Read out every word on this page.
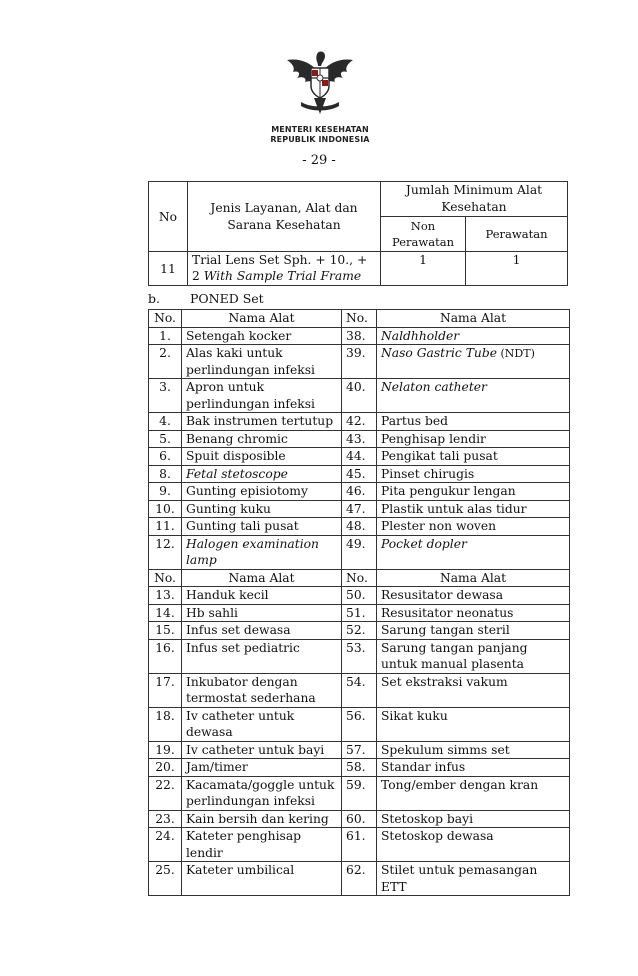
MENTERI KESEHATAN
REPUBLIK INDONESIA
- 29 -
No	Jenis Layanan, Alat dan Sarana Kesehatan	Jumlah Minimum Alat Kesehatan	
		Non Perawatan	Perawatan
11	Trial Lens Set Sph. + 10., + 2 With Sample Trial Frame	1	1
b. PONED Set
No.	Nama Alat	No.	Nama Alat
1.	Setengah kocker	38.	Naldhholder
2.	Alas kaki untuk perlindungan infeksi	39.	Naso Gastric Tube (NDT)
3.	Apron untuk perlindungan infeksi	40.	Nelaton catheter
4.	Bak instrumen tertutup	42.	Partus bed
5.	Benang chromic	43.	Penghisap lendir
6.	Spuit disposible	44.	Pengikat tali pusat
8.	Fetal stetoscope	45.	Pinset chirugis
9.	Gunting episiotomy	46.	Pita pengukur lengan
10.	Gunting kuku	47.	Plastik untuk alas tidur
11.	Gunting tali pusat	48.	Plester non woven
12.	Halogen examination lamp	49.	Pocket dopler
No.	Nama Alat	No.	Nama Alat
13.	Handuk kecil	50.	Resusitator dewasa
14.	Hb sahli	51.	Resusitator neonatus
15.	Infus set dewasa	52.	Sarung tangan steril
16.	Infus set pediatric	53.	Sarung tangan panjang untuk manual plasenta
17.	Inkubator dengan termostat sederhana	54.	Set ekstraksi vakum
18.	Iv catheter untuk dewasa	56.	Sikat kuku
19.	Iv catheter untuk bayi	57.	Spekulum simms set
20.	Jam/timer	58.	Standar infus
22.	Kacamata/goggle untuk perlindungan infeksi	59.	Tong/ember dengan kran
23.	Kain bersih dan kering	60.	Stetoskop bayi
24.	Kateter penghisap lendir	61.	Stetoskop dewasa
25.	Kateter umbilical	62.	Stilet untuk pemasangan ETT
